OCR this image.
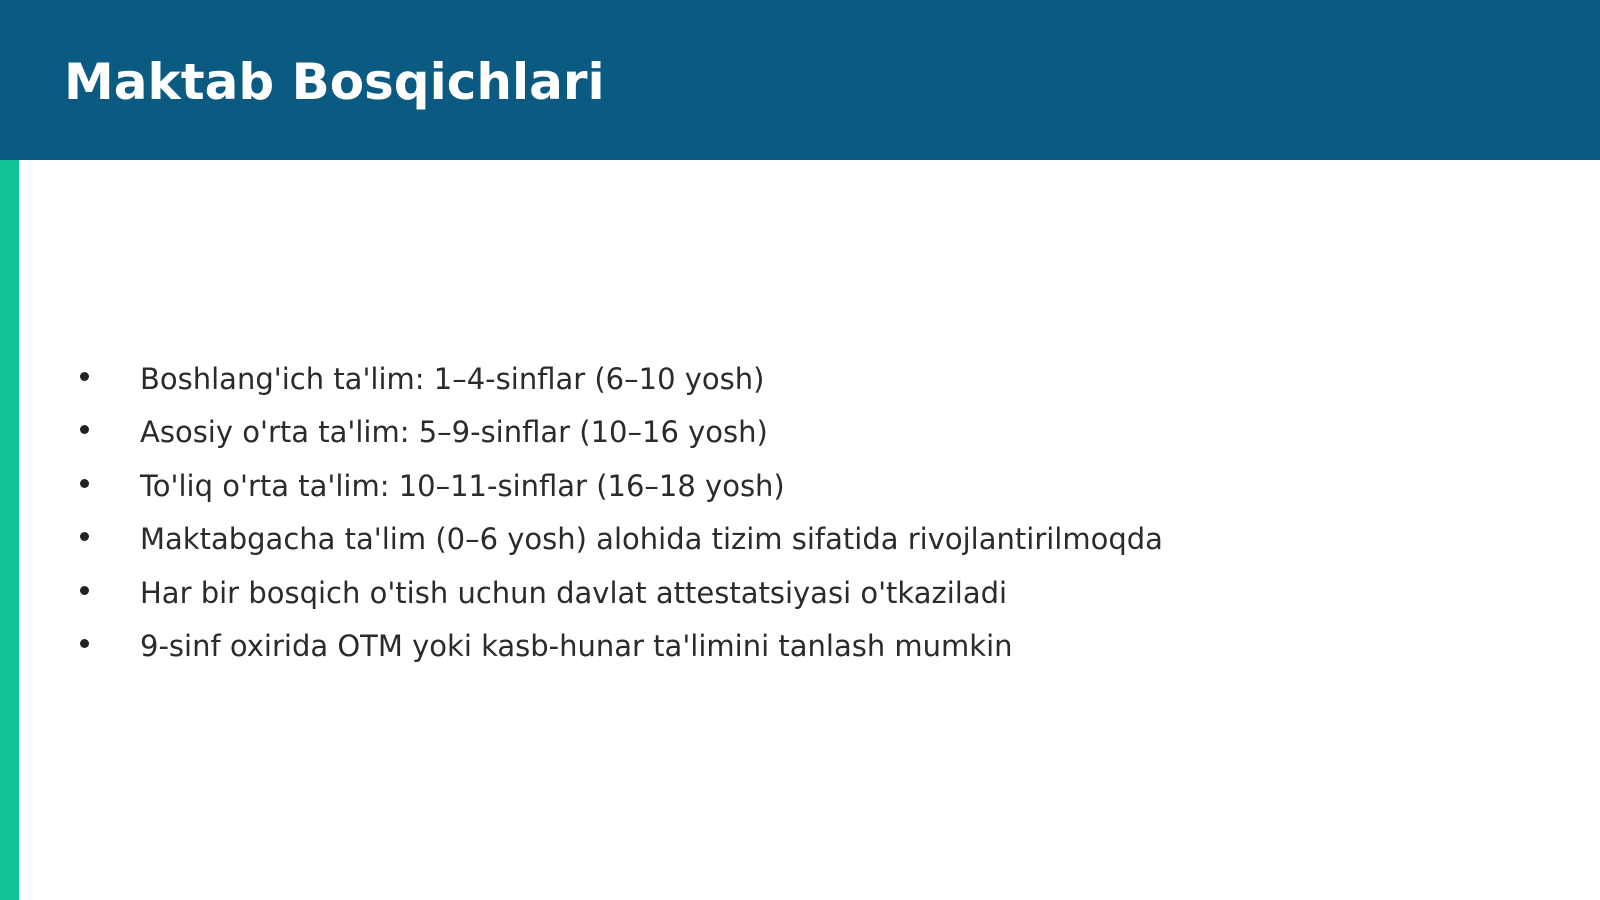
Maktab Bosqichlari
Boshlang'ich ta'lim: 1–4-sinflar (6–10 yosh)
Asosiy o'rta ta'lim: 5–9-sinflar (10–16 yosh)
To'liq o'rta ta'lim: 10–11-sinflar (16–18 yosh)
Maktabgacha ta'lim (0–6 yosh) alohida tizim sifatida rivojlantirilmoqda
Har bir bosqich o'tish uchun davlat attestatsiyasi o'tkaziladi
9-sinf oxirida OTM yoki kasb-hunar ta'limini tanlash mumkin
